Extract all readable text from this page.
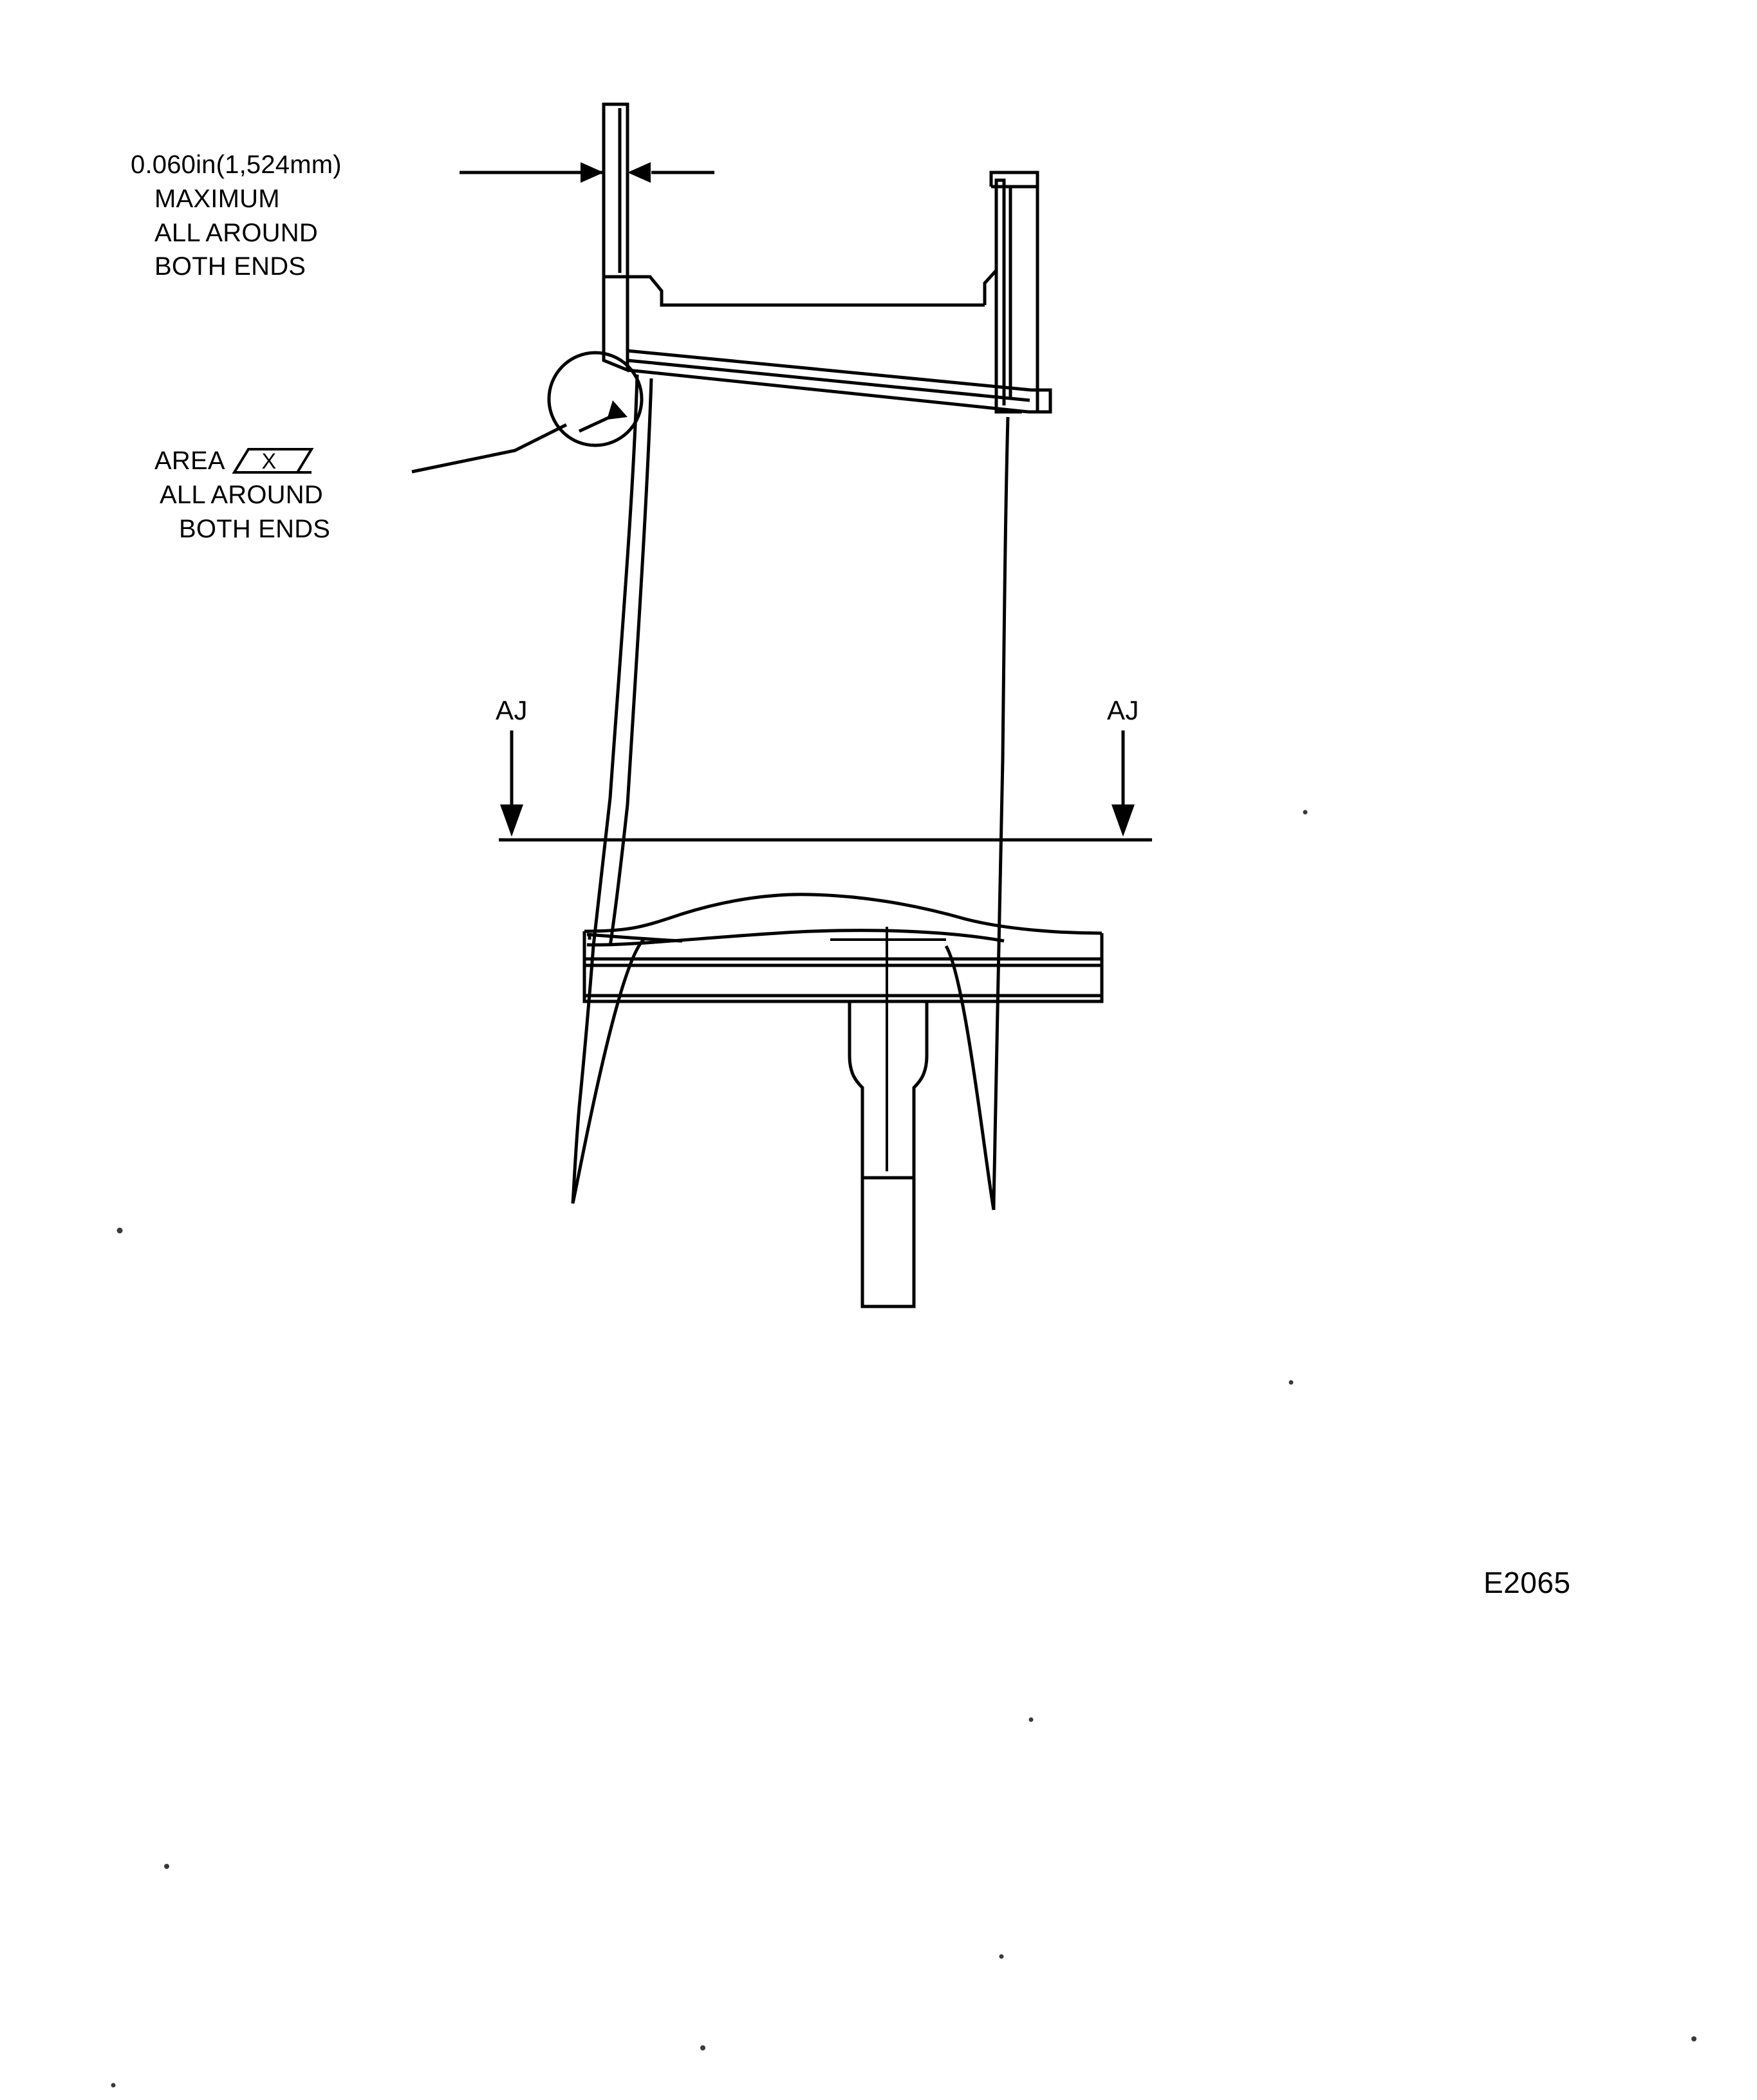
0.060in(1,524mm)
MAXIMUM
ALL AROUND
BOTH ENDS
AREA X
ALL AROUND
BOTH ENDS
AJ	AJ
E2065
